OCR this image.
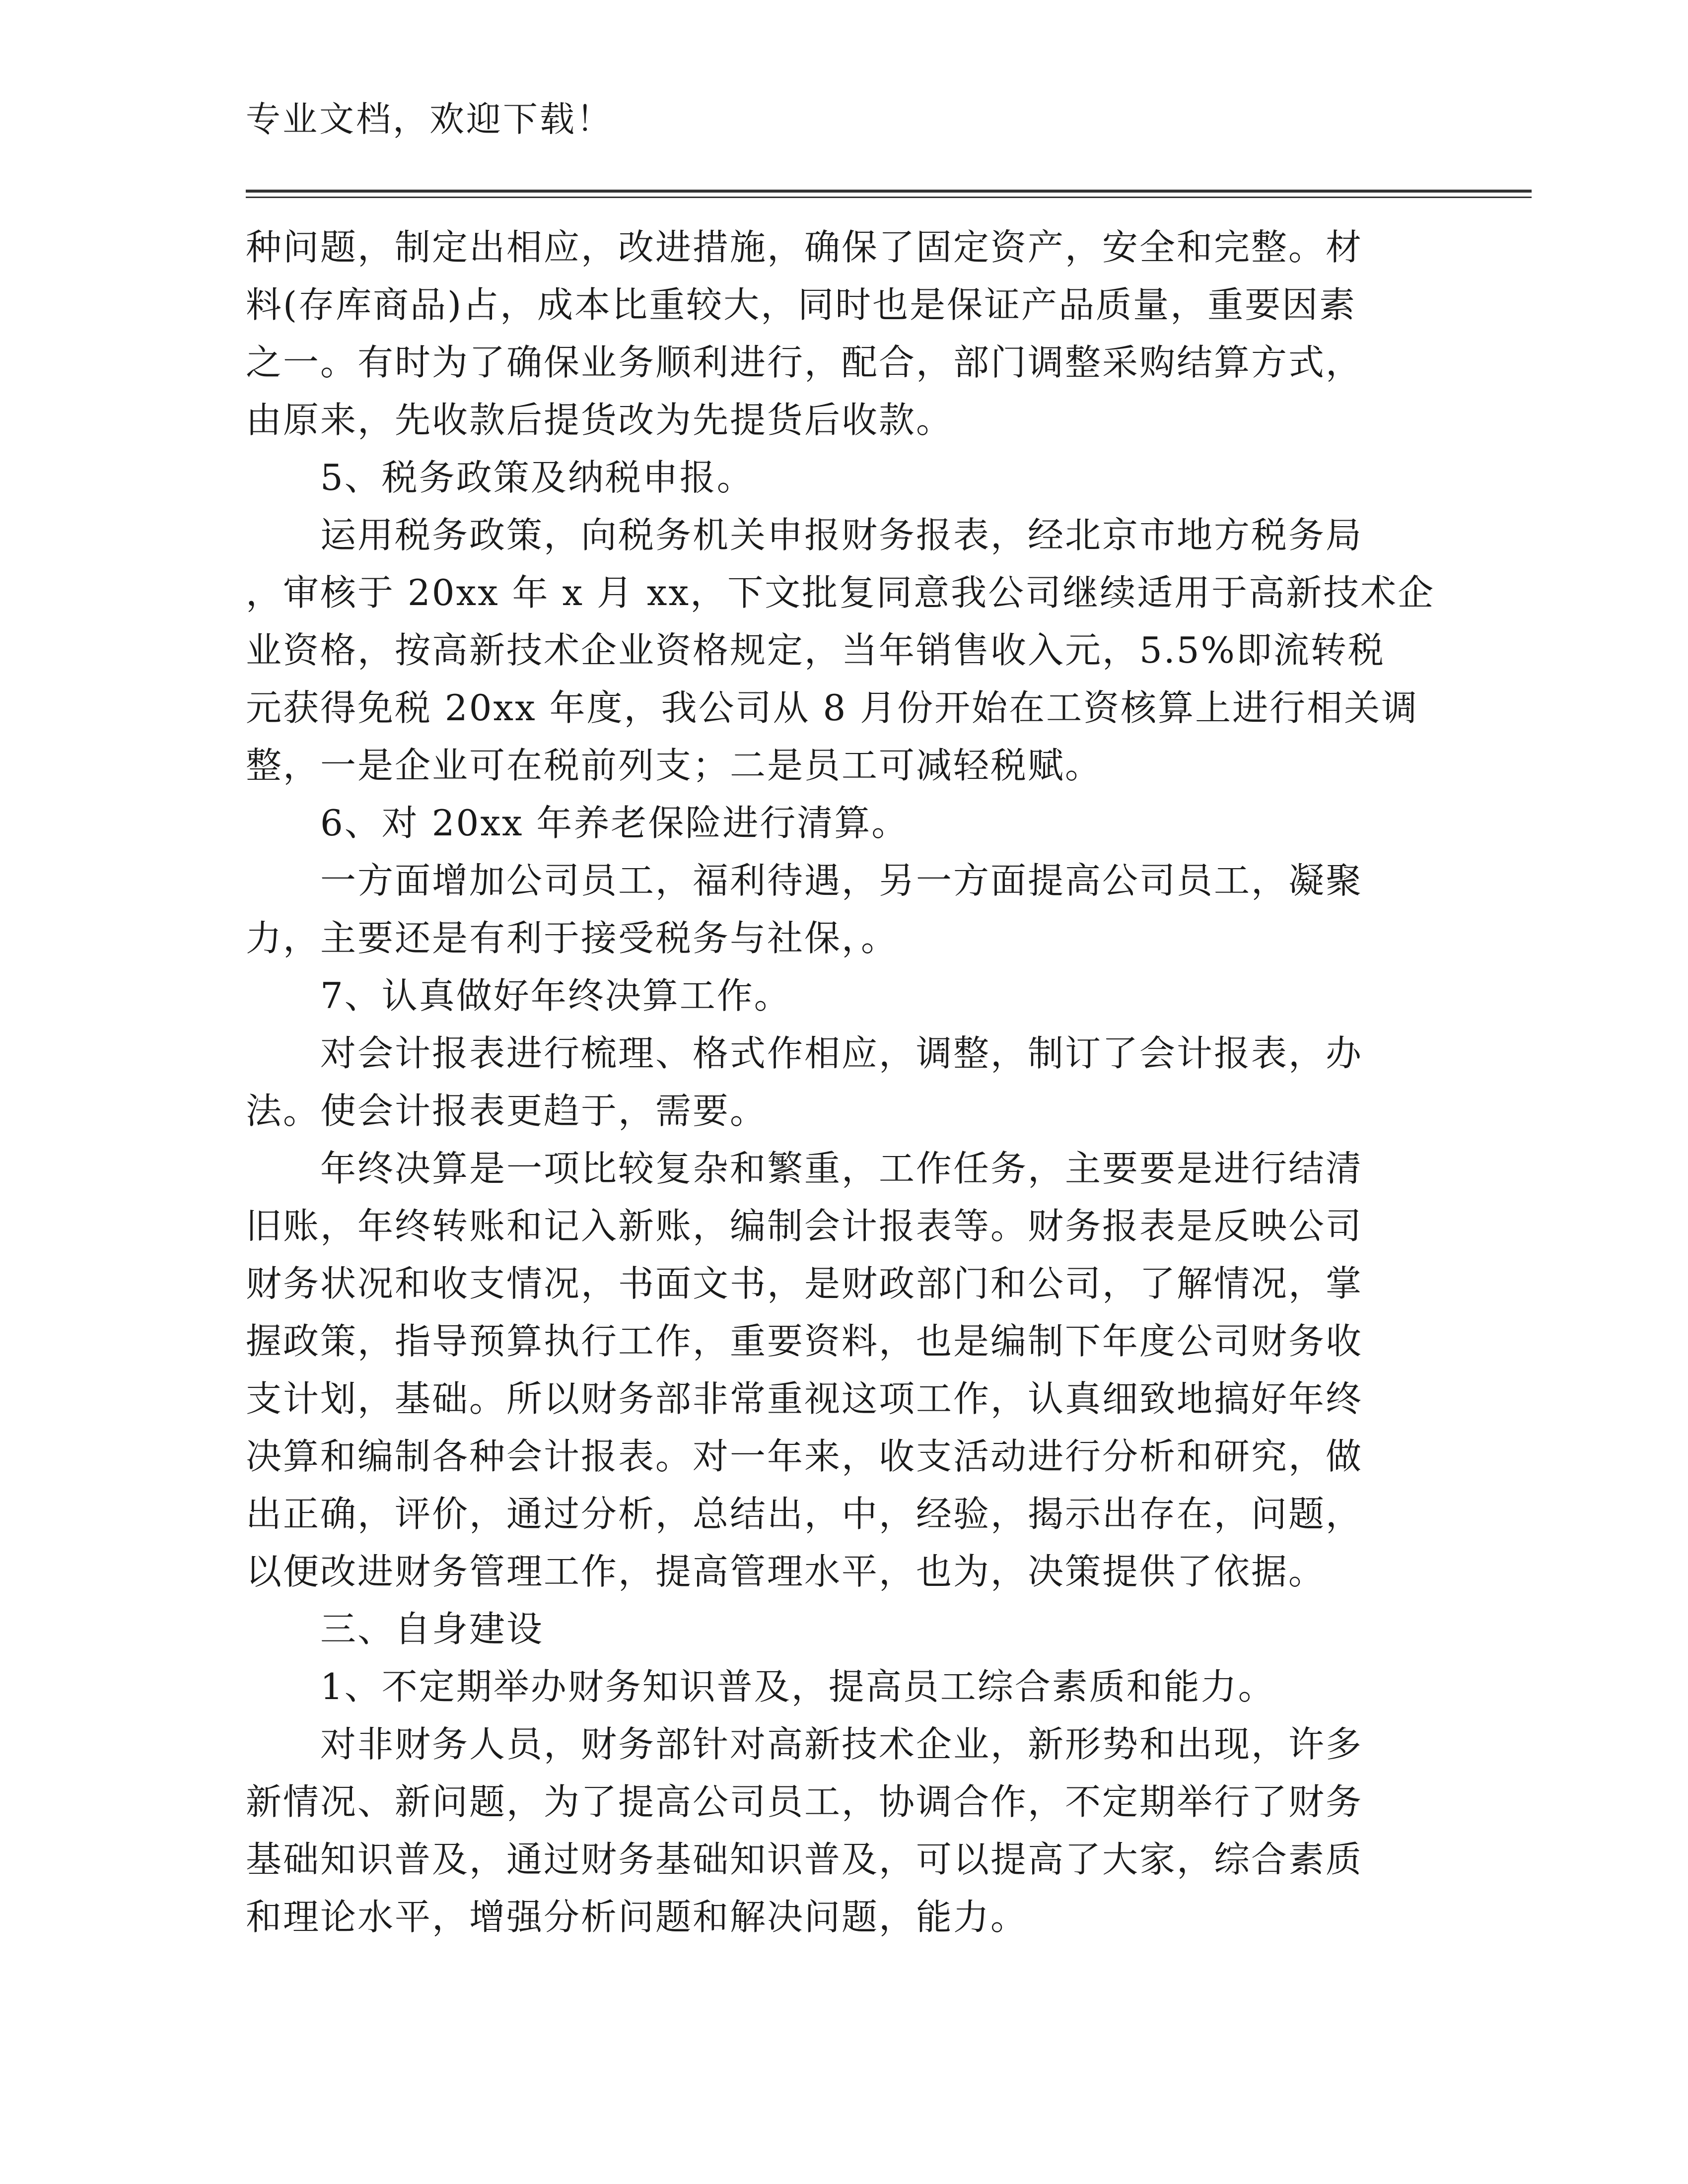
专业文档，欢迎下载！

种问题，制定出相应，改进措施，确保了固定资产，安全和完整。材

料(存库商品)占，成本比重较大，同时也是保证产品质量，重要因素

之一。有时为了确保业务顺利进行，配合，部门调整采购结算方式，

由原来，先收款后提货改为先提货后收款。

5、税务政策及纳税申报。

运用税务政策，向税务机关申报财务报表，经北京市地方税务局

，审核于 20xx 年 x 月 xx，下文批复同意我公司继续适用于高新技术企

业资格，按高新技术企业资格规定，当年销售收入元，5.5%即流转税

元获得免税 20xx 年度，我公司从 8 月份开始在工资核算上进行相关调

整，一是企业可在税前列支；二是员工可减轻税赋。

6、对 20xx 年养老保险进行清算。

一方面增加公司员工，福利待遇，另一方面提高公司员工，凝聚

力，主要还是有利于接受税务与社保，。

7、认真做好年终决算工作。

对会计报表进行梳理、格式作相应，调整，制订了会计报表，办

法。使会计报表更趋于，需要。

年终决算是一项比较复杂和繁重，工作任务，主要要是进行结清

旧账，年终转账和记入新账，编制会计报表等。财务报表是反映公司

财务状况和收支情况，书面文书，是财政部门和公司，了解情况，掌

握政策，指导预算执行工作，重要资料，也是编制下年度公司财务收

支计划，基础。所以财务部非常重视这项工作，认真细致地搞好年终

决算和编制各种会计报表。对一年来，收支活动进行分析和研究，做

出正确，评价，通过分析，总结出，中，经验，揭示出存在，问题，

以便改进财务管理工作，提高管理水平，也为，决策提供了依据。

三、自身建设

1、不定期举办财务知识普及，提高员工综合素质和能力。

对非财务人员，财务部针对高新技术企业，新形势和出现，许多

新情况、新问题，为了提高公司员工，协调合作，不定期举行了财务

基础知识普及，通过财务基础知识普及，可以提高了大家，综合素质

和理论水平，增强分析问题和解决问题，能力。
